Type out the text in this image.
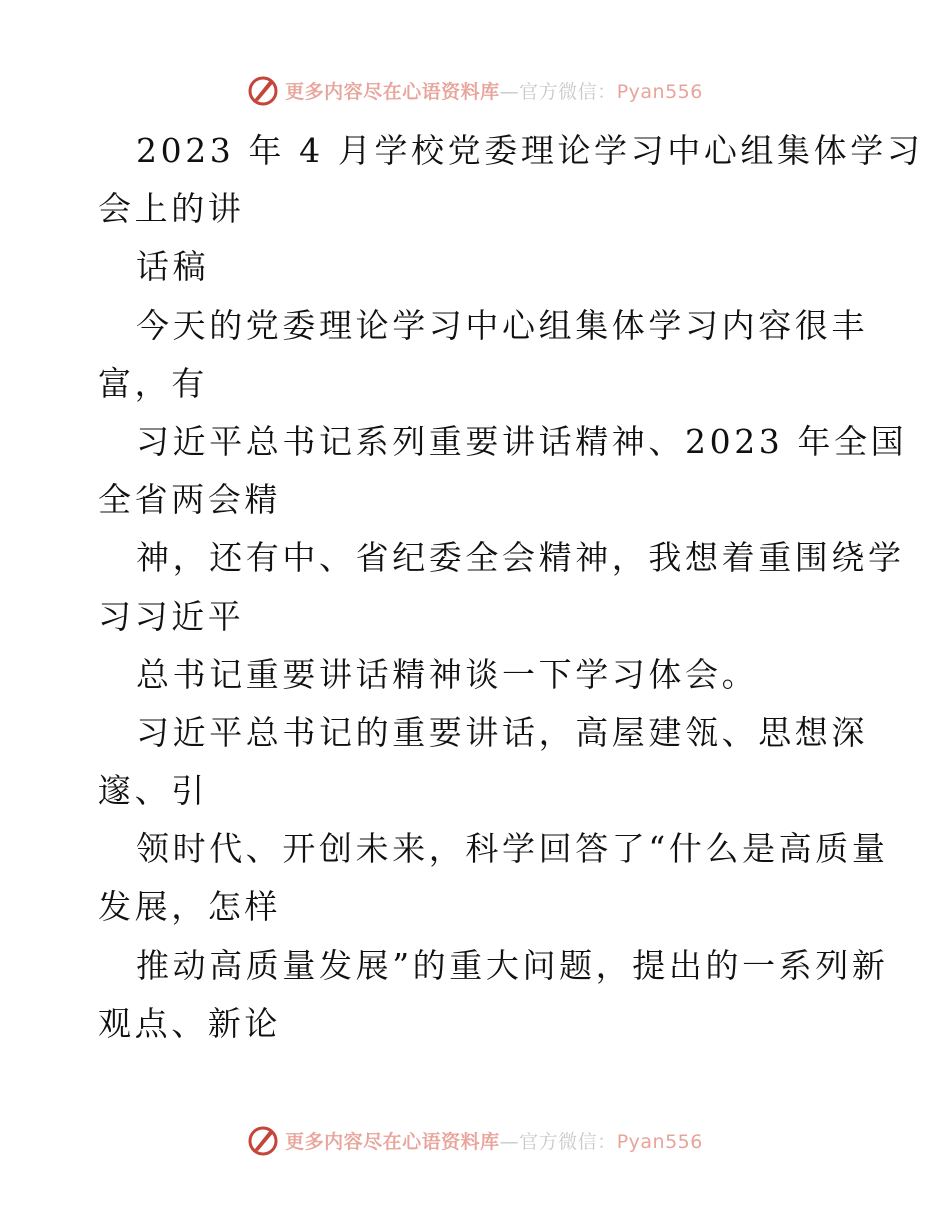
更多内容尽在心语资料库—官方微信：Pyan556
2023 年 4 月学校党委理论学习中心组集体学习
会上的讲
话稿
今天的党委理论学习中心组集体学习内容很丰
富，有
习近平总书记系列重要讲话精神、2023 年全国
全省两会精
神，还有中、省纪委全会精神，我想着重围绕学
习习近平
总书记重要讲话精神谈一下学习体会。
习近平总书记的重要讲话，高屋建瓴、思想深
邃、引
领时代、开创未来，科学回答了“什么是高质量
发展，怎样
推动高质量发展”的重大问题，提出的一系列新
观点、新论
更多内容尽在心语资料库—官方微信：Pyan556
